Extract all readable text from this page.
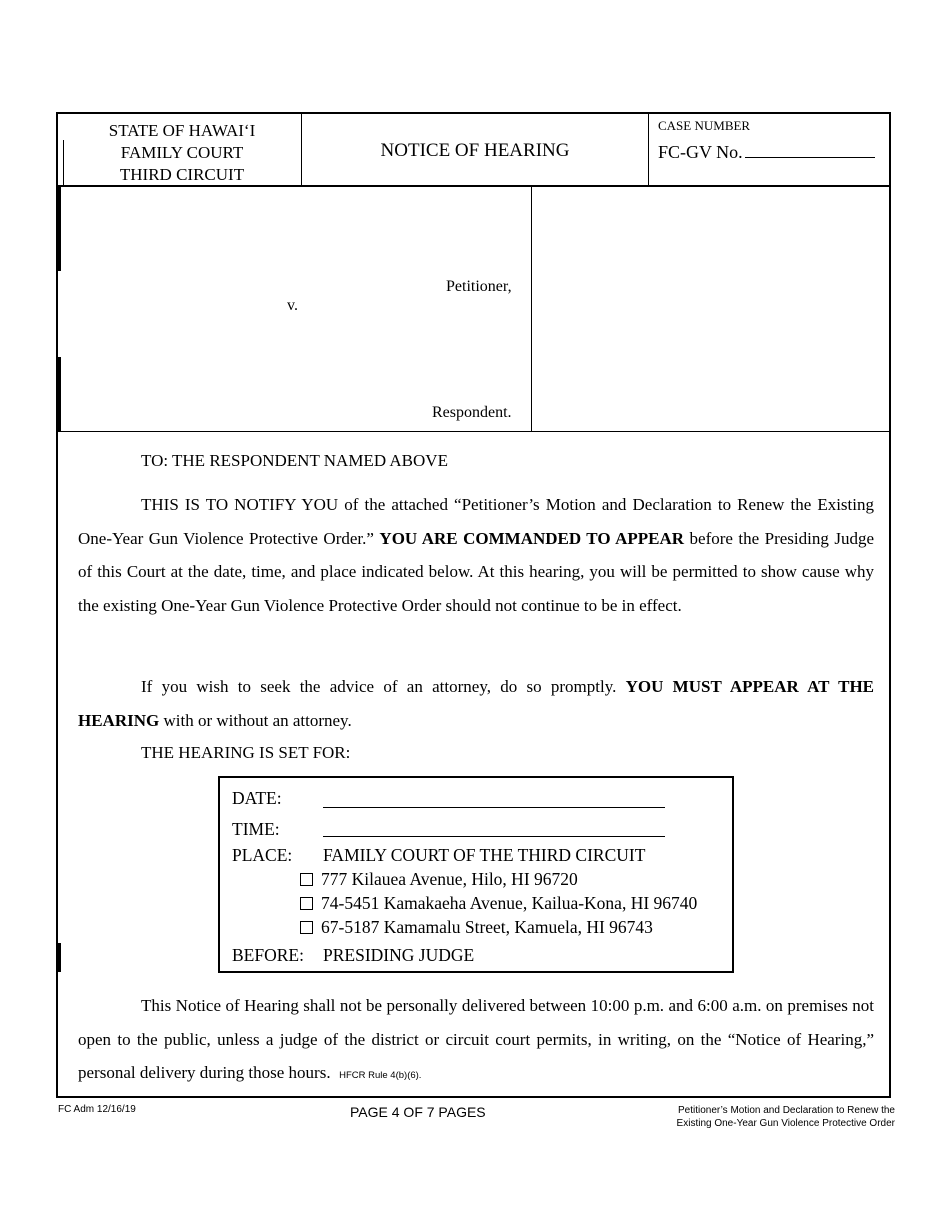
STATE OF HAWAI‘I
FAMILY COURT
THIRD CIRCUIT
NOTICE OF HEARING
CASE NUMBER
FC-GV No.
Petitioner,
v.
Respondent.
TO: THE RESPONDENT NAMED ABOVE
THIS IS TO NOTIFY YOU of the attached “Petitioner’s Motion and Declaration to Renew the Existing One-Year Gun Violence Protective Order.” YOU ARE COMMANDED TO APPEAR before the Presiding Judge of this Court at the date, time, and place indicated below. At this hearing, you will be permitted to show cause why the existing One-Year Gun Violence Protective Order should not continue to be in effect.
If you wish to seek the advice of an attorney, do so promptly. YOU MUST APPEAR AT THE HEARING with or without an attorney.
THE HEARING IS SET FOR:
DATE:
TIME:
PLACE: FAMILY COURT OF THE THIRD CIRCUIT
777 Kilauea Avenue, Hilo, HI 96720
74-5451 Kamakaeha Avenue, Kailua-Kona, HI 96740
67-5187 Kamamalu Street, Kamuela, HI 96743
BEFORE: PRESIDING JUDGE
This Notice of Hearing shall not be personally delivered between 10:00 p.m. and 6:00 a.m. on premises not open to the public, unless a judge of the district or circuit court permits, in writing, on the “Notice of Hearing,” personal delivery during those hours. HFCR Rule 4(b)(6).
FC Adm 12/16/19	PAGE 4 OF 7 PAGES	Petitioner’s Motion and Declaration to Renew the
Existing One-Year Gun Violence Protective Order
